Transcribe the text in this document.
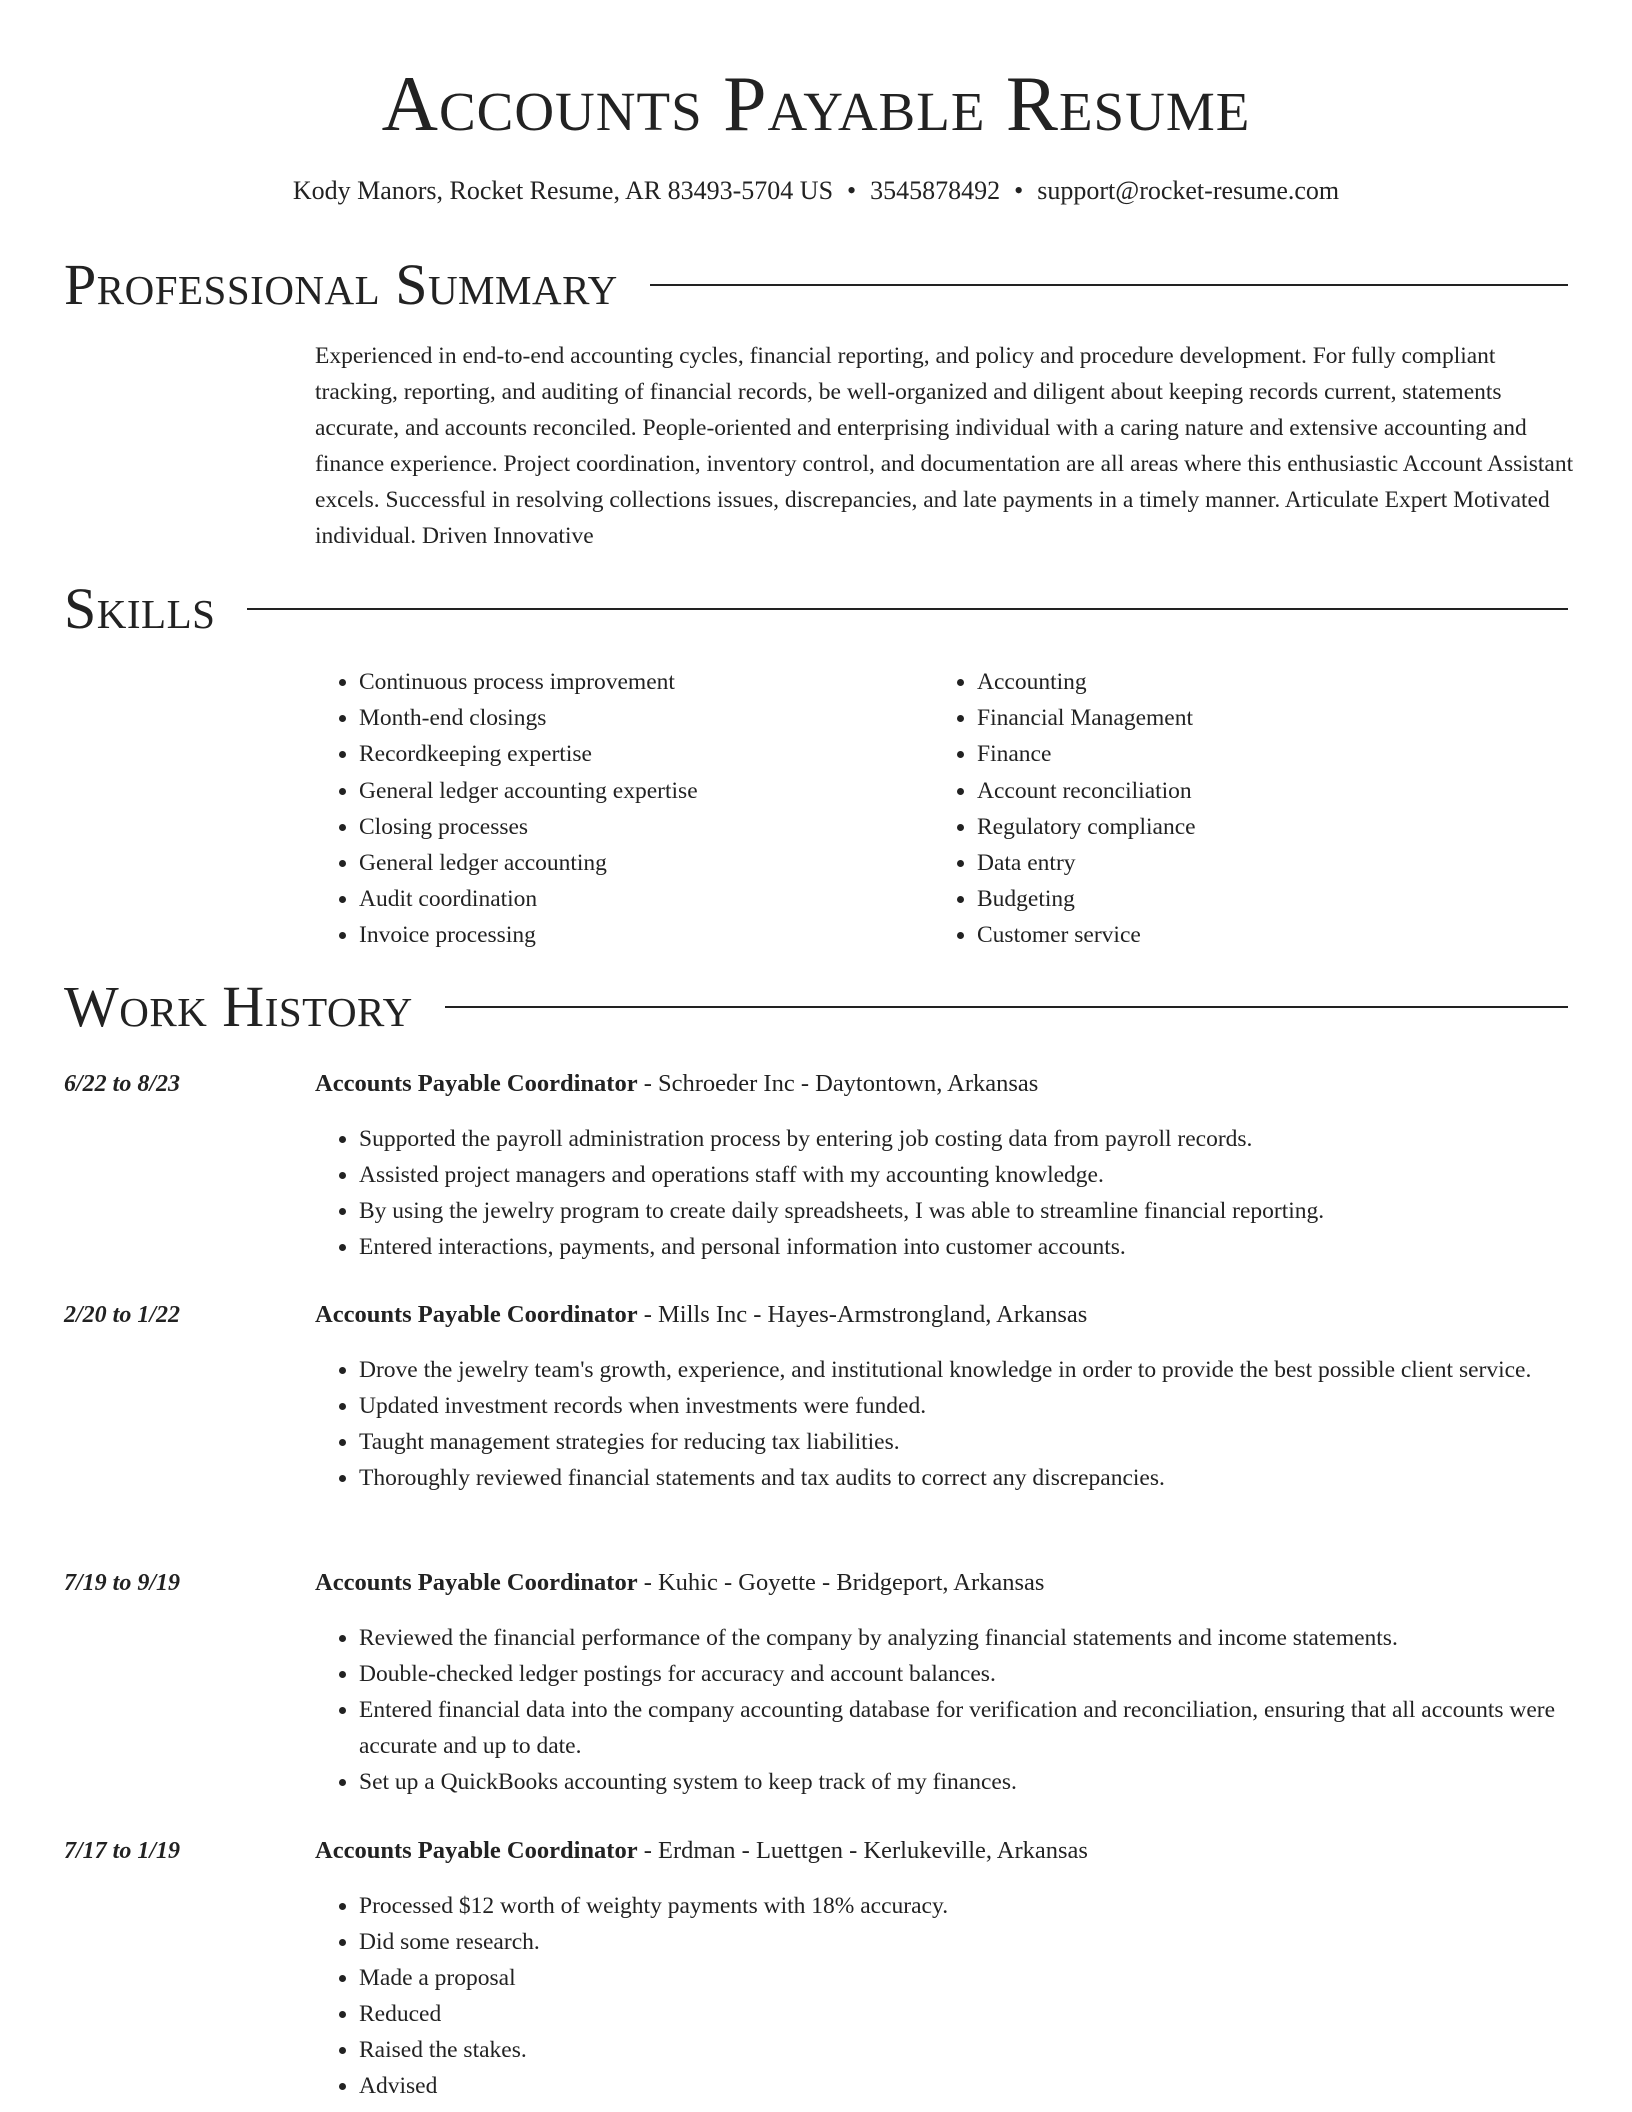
Accounts Payable Resume
Kody Manors, Rocket Resume, AR 83493-5704 US • 3545878492 • support@rocket-resume.com
Professional Summary

Experienced in end-to-end accounting cycles, financial reporting, and policy and procedure development. For fully compliant tracking, reporting, and auditing of financial records, be well-organized and diligent about keeping records current, statements accurate, and accounts reconciled. People-oriented and enterprising individual with a caring nature and extensive accounting and finance experience. Project coordination, inventory control, and documentation are all areas where this enthusiastic Account Assistant excels. Successful in resolving collections issues, discrepancies, and late payments in a timely manner. Articulate Expert Motivated individual. Driven Innovative

Skills
• Continuous process improvement
• Month-end closings
• Recordkeeping expertise
• General ledger accounting expertise
• Closing processes
• General ledger accounting
• Audit coordination
• Invoice processing
• Accounting
• Financial Management
• Finance
• Account reconciliation
• Regulatory compliance
• Data entry
• Budgeting
• Customer service
Work History
6/22 to 8/23	Accounts Payable Coordinator - Schroeder Inc - Daytontown, Arkansas
• Supported the payroll administration process by entering job costing data from payroll records.
• Assisted project managers and operations staff with my accounting knowledge.
• By using the jewelry program to create daily spreadsheets, I was able to streamline financial reporting.
• Entered interactions, payments, and personal information into customer accounts.
2/20 to 1/22	Accounts Payable Coordinator - Mills Inc - Hayes-Armstrongland, Arkansas
• Drove the jewelry team's growth, experience, and institutional knowledge in order to provide the best possible client service.
• Updated investment records when investments were funded.
• Taught management strategies for reducing tax liabilities.
• Thoroughly reviewed financial statements and tax audits to correct any discrepancies.
7/19 to 9/19	Accounts Payable Coordinator - Kuhic - Goyette - Bridgeport, Arkansas
• Reviewed the financial performance of the company by analyzing financial statements and income statements.
• Double-checked ledger postings for accuracy and account balances.
• Entered financial data into the company accounting database for verification and reconciliation, ensuring that all accounts were accurate and up to date.
• Set up a QuickBooks accounting system to keep track of my finances.
7/17 to 1/19	Accounts Payable Coordinator - Erdman - Luettgen - Kerlukeville, Arkansas
• Processed $12 worth of weighty payments with 18% accuracy.
• Did some research.
• Made a proposal
• Reduced
• Raised the stakes.
• Advised
